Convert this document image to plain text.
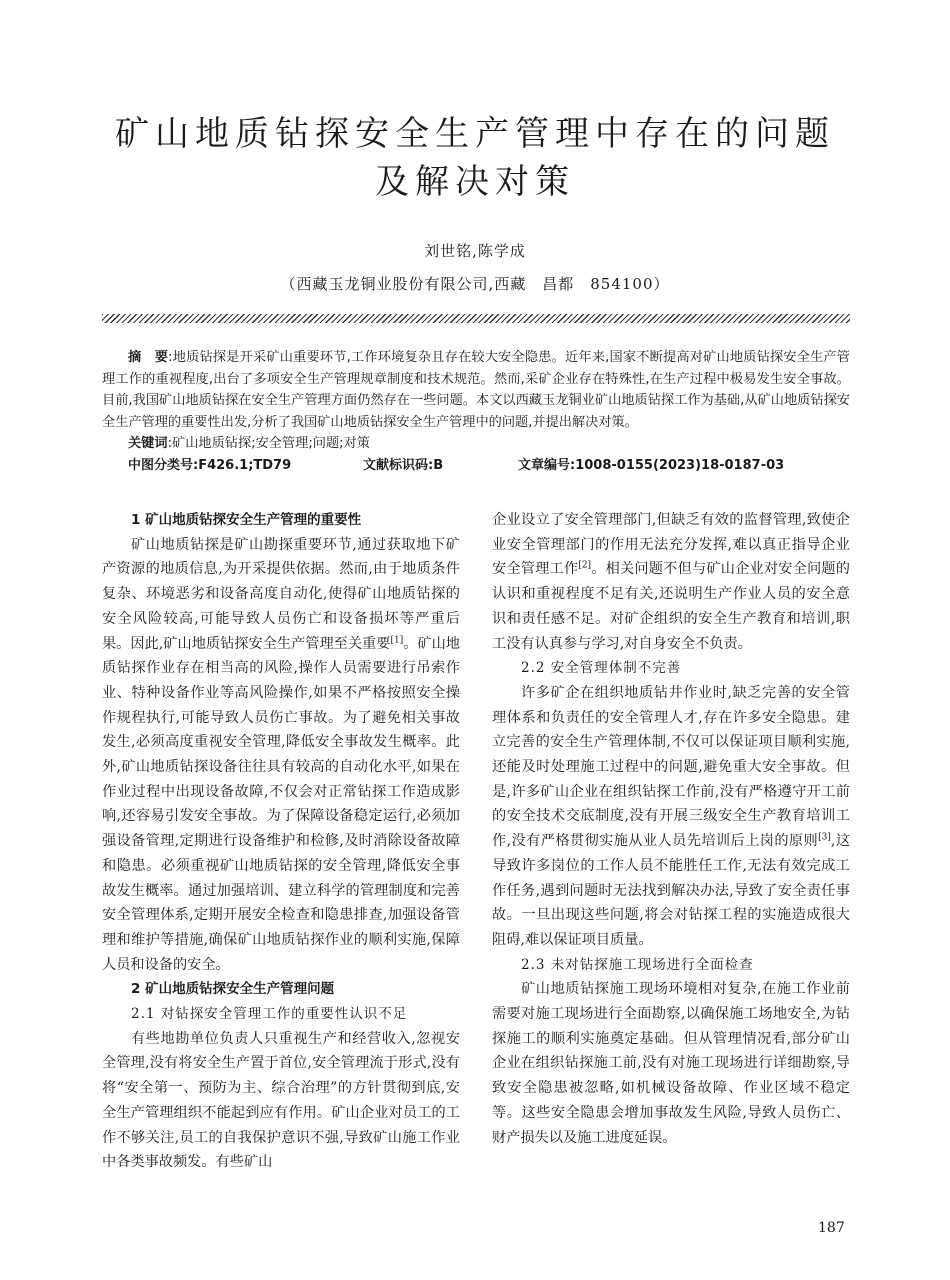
矿山地质钻探安全生产管理中存在的问题
及解决对策
刘世铭,陈学成
（西藏玉龙铜业股份有限公司,西藏　昌都　854100）

摘　要:地质钻探是开采矿山重要环节,工作环境复杂且存在较大安全隐患。近年来,国家不断提高对矿山地质钻探安全生产管理工作的重视程度,出台了多项安全生产管理规章制度和技术规范。然而,采矿企业存在特殊性,在生产过程中极易发生安全事故。目前,我国矿山地质钻探在安全生产管理方面仍然存在一些问题。本文以西藏玉龙铜业矿山地质钻探工作为基础,从矿山地质钻探安全生产管理的重要性出发,分析了我国矿山地质钻探安全生产管理中的问题,并提出解决对策。

关键词:矿山地质钻探;安全管理;问题;对策
中图分类号:F426.1;TD79	文献标识码:B	文章编号:1008-0155(2023)18-0187-03
1 矿山地质钻探安全生产管理的重要性

矿山地质钻探是矿山勘探重要环节,通过获取地下矿产资源的地质信息,为开采提供依据。然而,由于地质条件复杂、环境恶劣和设备高度自动化,使得矿山地质钻探的安全风险较高,可能导致人员伤亡和设备损坏等严重后果。因此,矿山地质钻探安全生产管理至关重要[1]。矿山地质钻探作业存在相当高的风险,操作人员需要进行吊索作业、特种设备作业等高风险操作,如果不严格按照安全操作规程执行,可能导致人员伤亡事故。为了避免相关事故发生,必须高度重视安全管理,降低安全事故发生概率。此外,矿山地质钻探设备往往具有较高的自动化水平,如果在作业过程中出现设备故障,不仅会对正常钻探工作造成影响,还容易引发安全事故。为了保障设备稳定运行,必须加强设备管理,定期进行设备维护和检修,及时消除设备故障和隐患。必须重视矿山地质钻探的安全管理,降低安全事故发生概率。通过加强培训、建立科学的管理制度和完善安全管理体系,定期开展安全检查和隐患排查,加强设备管理和维护等措施,确保矿山地质钻探作业的顺利实施,保障人员和设备的安全。

2 矿山地质钻探安全生产管理问题
2.1 对钻探安全管理工作的重要性认识不足

有些地勘单位负责人只重视生产和经营收入,忽视安全管理,没有将安全生产置于首位,安全管理流于形式,没有将“安全第一、预防为主、综合治理”的方针贯彻到底,安全生产管理组织不能起到应有作用。矿山企业对员工的工作不够关注,员工的自我保护意识不强,导致矿山施工作业中各类事故频发。有些矿山

企业设立了安全管理部门,但缺乏有效的监督管理,致使企业安全管理部门的作用无法充分发挥,难以真正指导企业安全管理工作[2]。相关问题不但与矿山企业对安全问题的认识和重视程度不足有关,还说明生产作业人员的安全意识和责任感不足。对矿企组织的安全生产教育和培训,职工没有认真参与学习,对自身安全不负责。

2.2 安全管理体制不完善

许多矿企在组织地质钻井作业时,缺乏完善的安全管理体系和负责任的安全管理人才,存在许多安全隐患。建立完善的安全生产管理体制,不仅可以保证项目顺利实施,还能及时处理施工过程中的问题,避免重大安全事故。但是,许多矿山企业在组织钻探工作前,没有严格遵守开工前的安全技术交底制度,没有开展三级安全生产教育培训工作,没有严格贯彻实施从业人员先培训后上岗的原则[3],这导致许多岗位的工作人员不能胜任工作,无法有效完成工作任务,遇到问题时无法找到解决办法,导致了安全责任事故。一旦出现这些问题,将会对钻探工程的实施造成很大阻碍,难以保证项目质量。

2.3 未对钻探施工现场进行全面检查

矿山地质钻探施工现场环境相对复杂,在施工作业前需要对施工现场进行全面勘察,以确保施工场地安全,为钻探施工的顺利实施奠定基础。但从管理情况看,部分矿山企业在组织钻探施工前,没有对施工现场进行详细勘察,导致安全隐患被忽略,如机械设备故障、作业区域不稳定等。这些安全隐患会增加事故发生风险,导致人员伤亡、财产损失以及施工进度延误。

187
